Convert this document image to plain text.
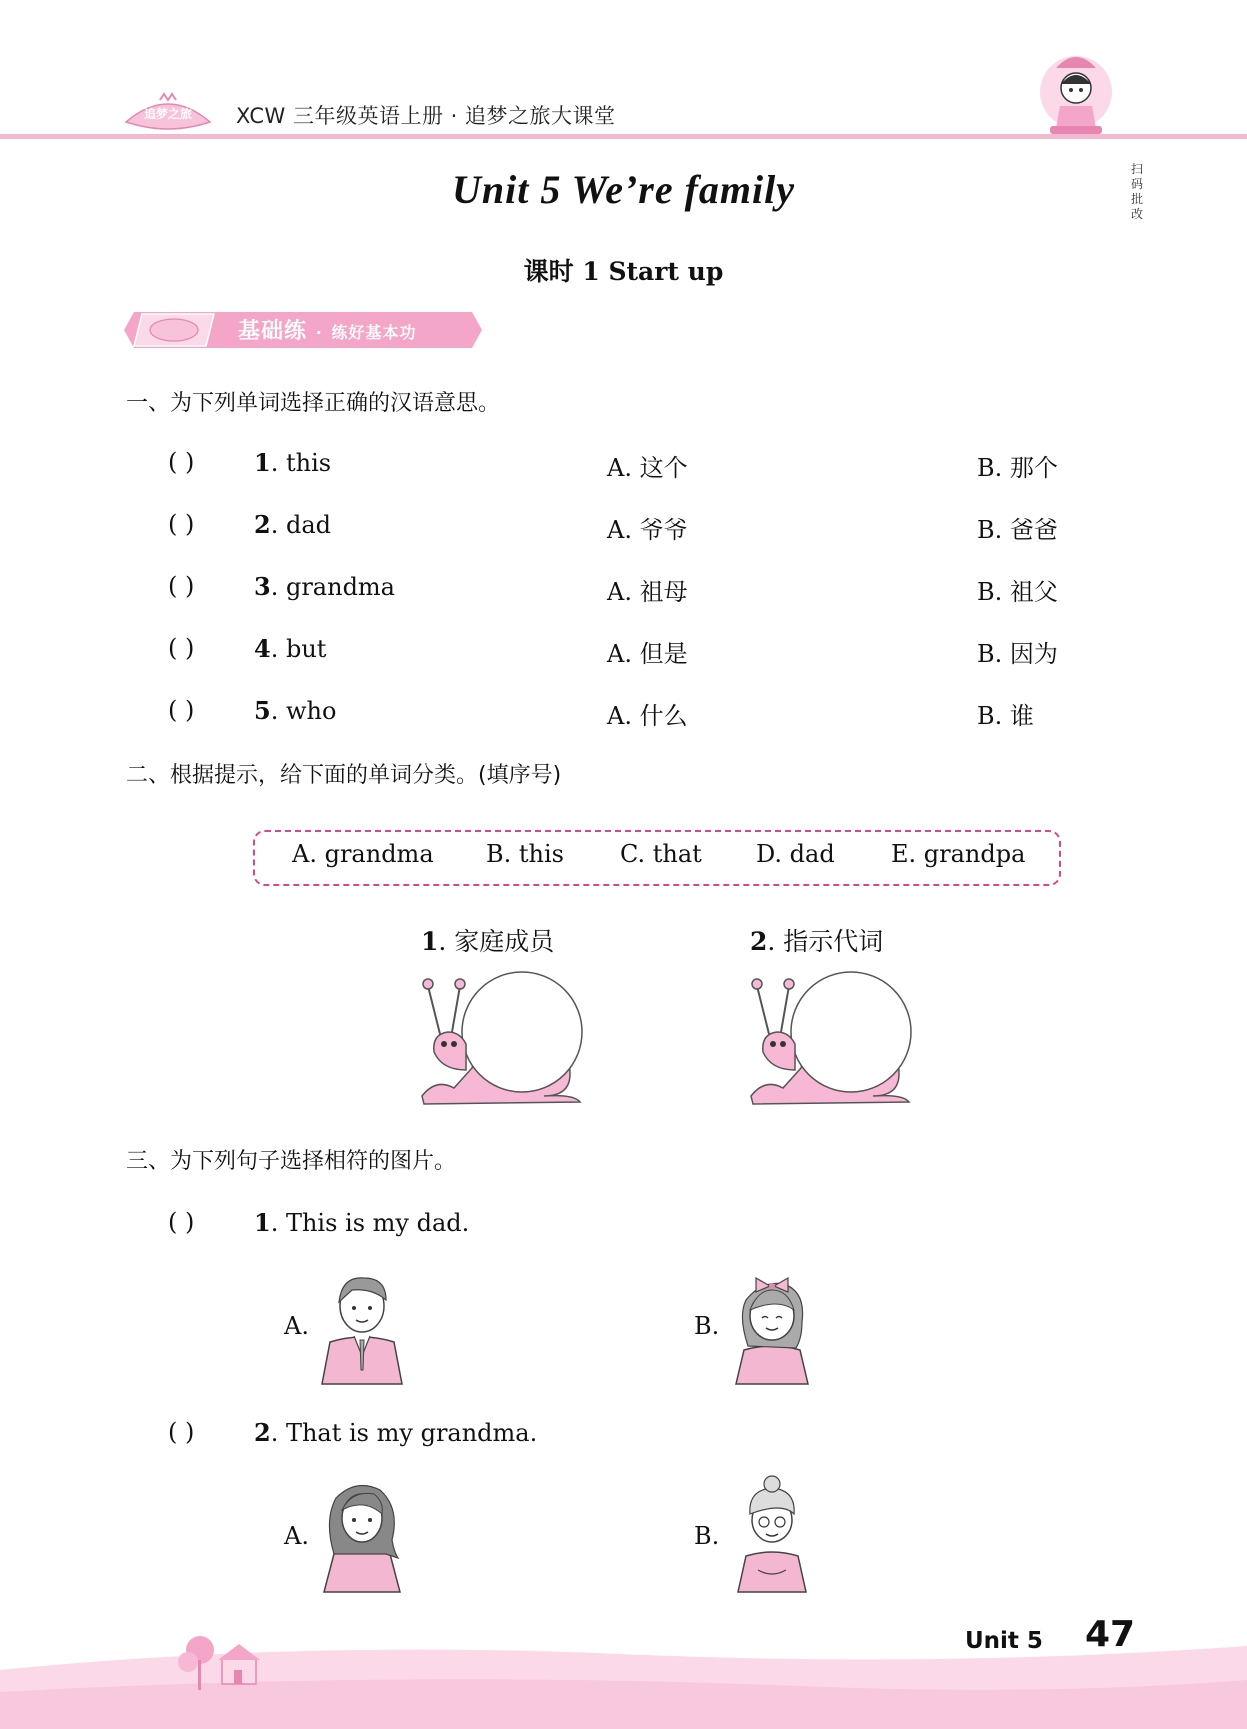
追梦之旅 XCW 三年级英语上册 · 追梦之旅大课堂
扫码批改
Unit 5 We’re family
课时 1 Start up
基础练 · 练好基本功
一、为下列单词选择正确的汉语意思。
( ) 1. this	A. 这个	B. 那个
( ) 2. dad	A. 爷爷	B. 爸爸
( ) 3. grandma	A. 祖母	B. 祖父
( ) 4. but	A. 但是	B. 因为
( ) 5. who	A. 什么	B. 谁
二、根据提示，给下面的单词分类。(填序号)
A. grandma B. this C. that D. dad E. grandpa
1. 家庭成员	2. 指示代词
三、为下列句子选择相符的图片。
( ) 1. This is my dad.
A.	B.
( ) 2. That is my grandma.
A.	B.
Unit 5 47
